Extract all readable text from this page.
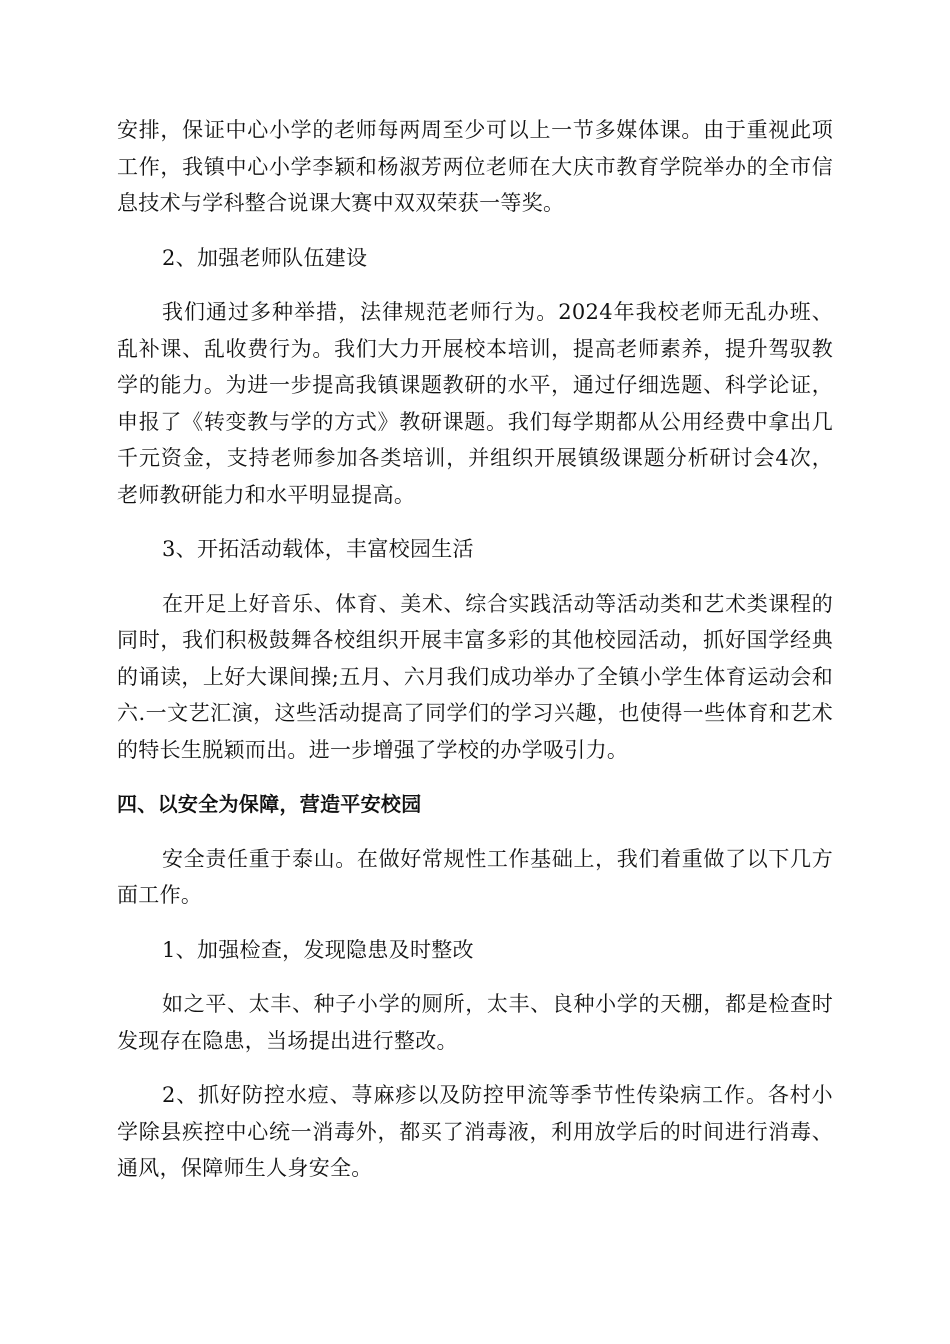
安排，保证中心小学的老师每两周至少可以上一节多媒体课。由于重视此项工作，我镇中心小学李颖和杨淑芳两位老师在大庆市教育学院举办的全市信息技术与学科整合说课大赛中双双荣获一等奖。

2、加强老师队伍建设

我们通过多种举措，法律规范老师行为。2024年我校老师无乱办班、乱补课、乱收费行为。我们大力开展校本培训，提高老师素养，提升驾驭教学的能力。为进一步提高我镇课题教研的水平，通过仔细选题、科学论证，申报了《转变教与学的方式》教研课题。我们每学期都从公用经费中拿出几千元资金，支持老师参加各类培训，并组织开展镇级课题分析研讨会4次，老师教研能力和水平明显提高。

3、开拓活动载体，丰富校园生活

在开足上好音乐、体育、美术、综合实践活动等活动类和艺术类课程的同时，我们积极鼓舞各校组织开展丰富多彩的其他校园活动，抓好国学经典的诵读，上好大课间操;五月、六月我们成功举办了全镇小学生体育运动会和六.一文艺汇演，这些活动提高了同学们的学习兴趣，也使得一些体育和艺术的特长生脱颖而出。进一步增强了学校的办学吸引力。

四、以安全为保障，营造平安校园

安全责任重于泰山。在做好常规性工作基础上，我们着重做了以下几方面工作。

1、加强检查，发现隐患及时整改

如之平、太丰、种子小学的厕所，太丰、良种小学的天棚，都是检查时发现存在隐患，当场提出进行整改。

2、抓好防控水痘、荨麻疹以及防控甲流等季节性传染病工作。各村小学除县疾控中心统一消毒外，都买了消毒液，利用放学后的时间进行消毒、通风，保障师生人身安全。
